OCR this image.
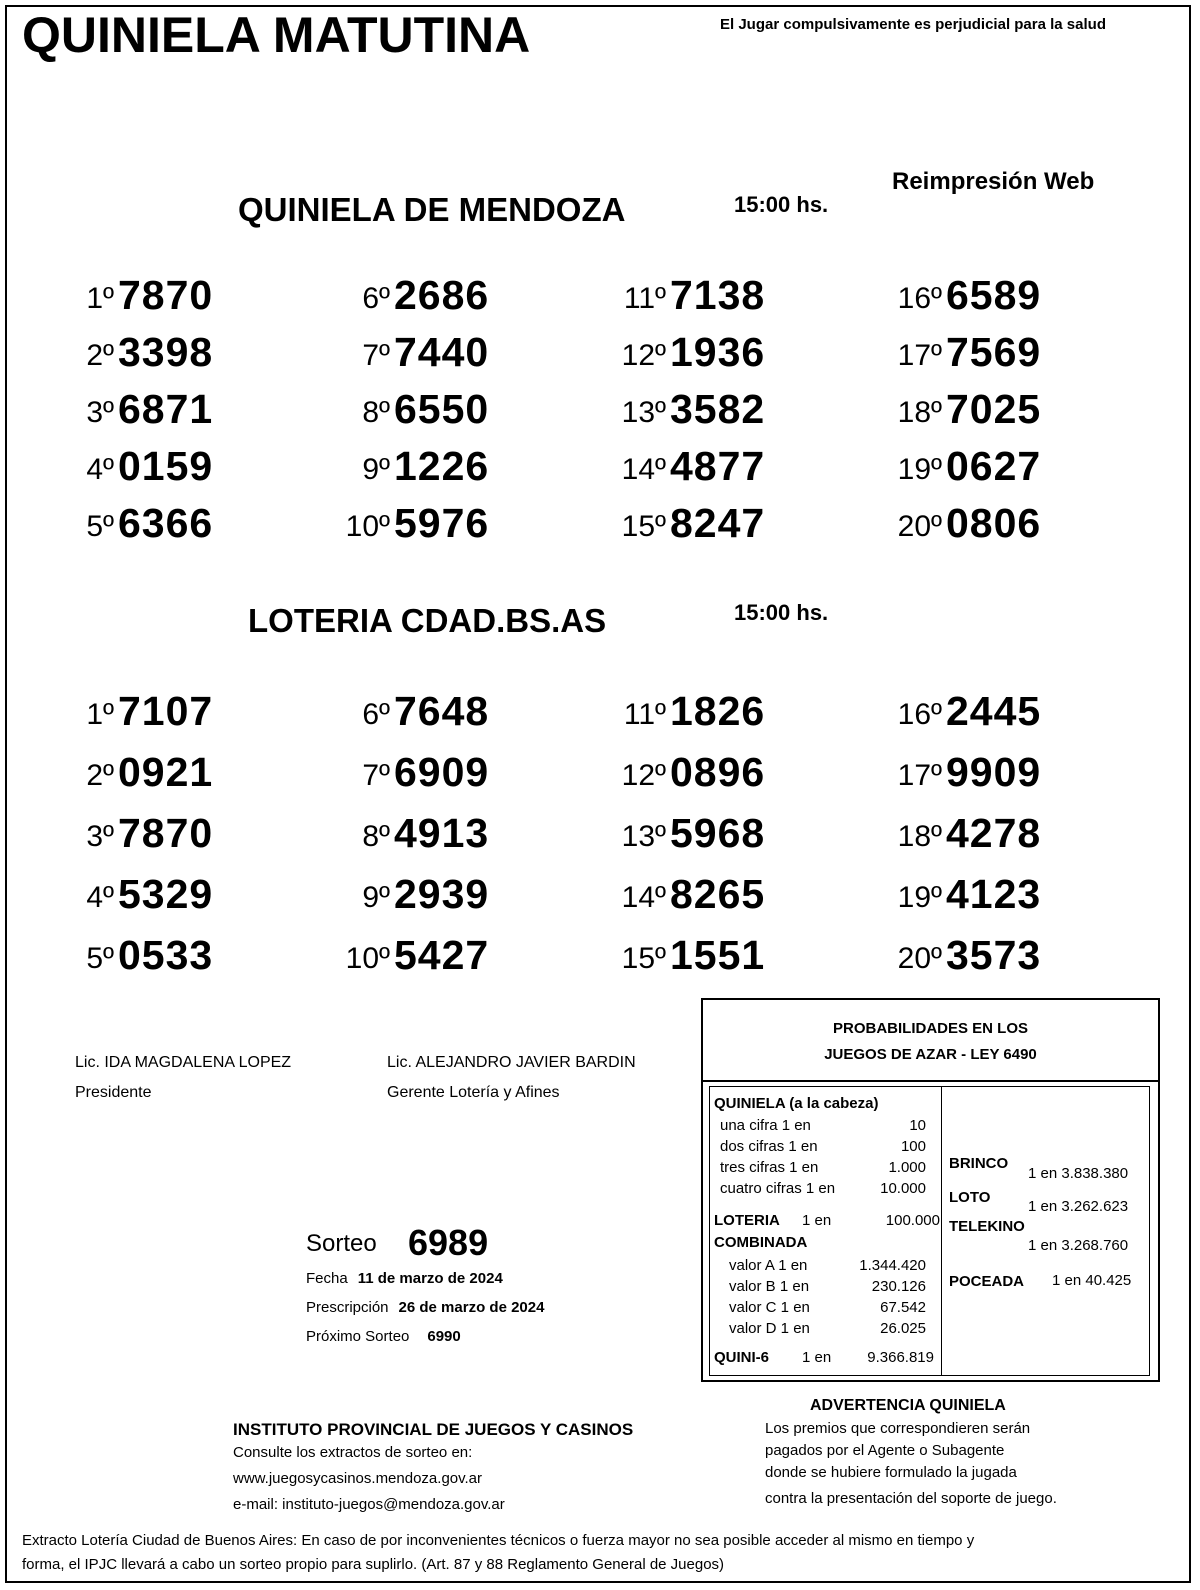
QUINIELA MATUTINA	El Jugar compulsivamente es perjudicial para la salud
Reimpresión Web
QUINIELA DE MENDOZA	15:00 hs.
1º 7870
2º 3398
3º 6871
4º 0159
5º 6366
6º 2686
7º 7440
8º 6550
9º 1226
10º 5976
11º 7138
12º 1936
13º 3582
14º 4877
15º 8247
16º 6589
17º 7569
18º 7025
19º 0627
20º 0806
LOTERIA CDAD.BS.AS	15:00 hs.
1º 7107
2º 0921
3º 7870
4º 5329
5º 0533
6º 7648
7º 6909
8º 4913
9º 2939
10º 5427
11º 1826
12º 0896
13º 5968
14º 8265
15º 1551
16º 2445
17º 9909
18º 4278
19º 4123
20º 3573
Lic. IDA MAGDALENA LOPEZ
Presidente
Lic. ALEJANDRO JAVIER BARDIN
Gerente Lotería y Afines
Sorteo 6989
Fecha 11 de marzo de 2024
Prescripción 26 de marzo de 2024
Próximo Sorteo 6990
PROBABILIDADES EN LOS
JUEGOS DE AZAR - LEY 6490
QUINIELA (a la cabeza)
una cifra 1 en	10
dos cifras 1 en	100
tres cifras 1 en	1.000
cuatro cifras 1 en	10.000
LOTERIA 1 en	100.000
COMBINADA
valor A 1 en	1.344.420
valor B 1 en	230.126
valor C 1 en	67.542
valor D 1 en	26.025
QUINI-6 1 en	9.366.819
BRINCO
1 en 3.838.380
LOTO
1 en 3.262.623
TELEKINO
1 en 3.268.760
POCEADA 1 en 40.425
ADVERTENCIA QUINIELA
Los premios que correspondieren serán
pagados por el Agente o Subagente
donde se hubiere formulado la jugada
contra la presentación del soporte de juego.
INSTITUTO PROVINCIAL DE JUEGOS Y CASINOS
Consulte los extractos de sorteo en:
www.juegosycasinos.mendoza.gov.ar
e-mail: instituto-juegos@mendoza.gov.ar
Extracto Lotería Ciudad de Buenos Aires: En caso de por inconvenientes técnicos o fuerza mayor no sea posible acceder al mismo en tiempo y
forma, el IPJC llevará a cabo un sorteo propio para suplirlo. (Art. 87 y 88 Reglamento General de Juegos)
